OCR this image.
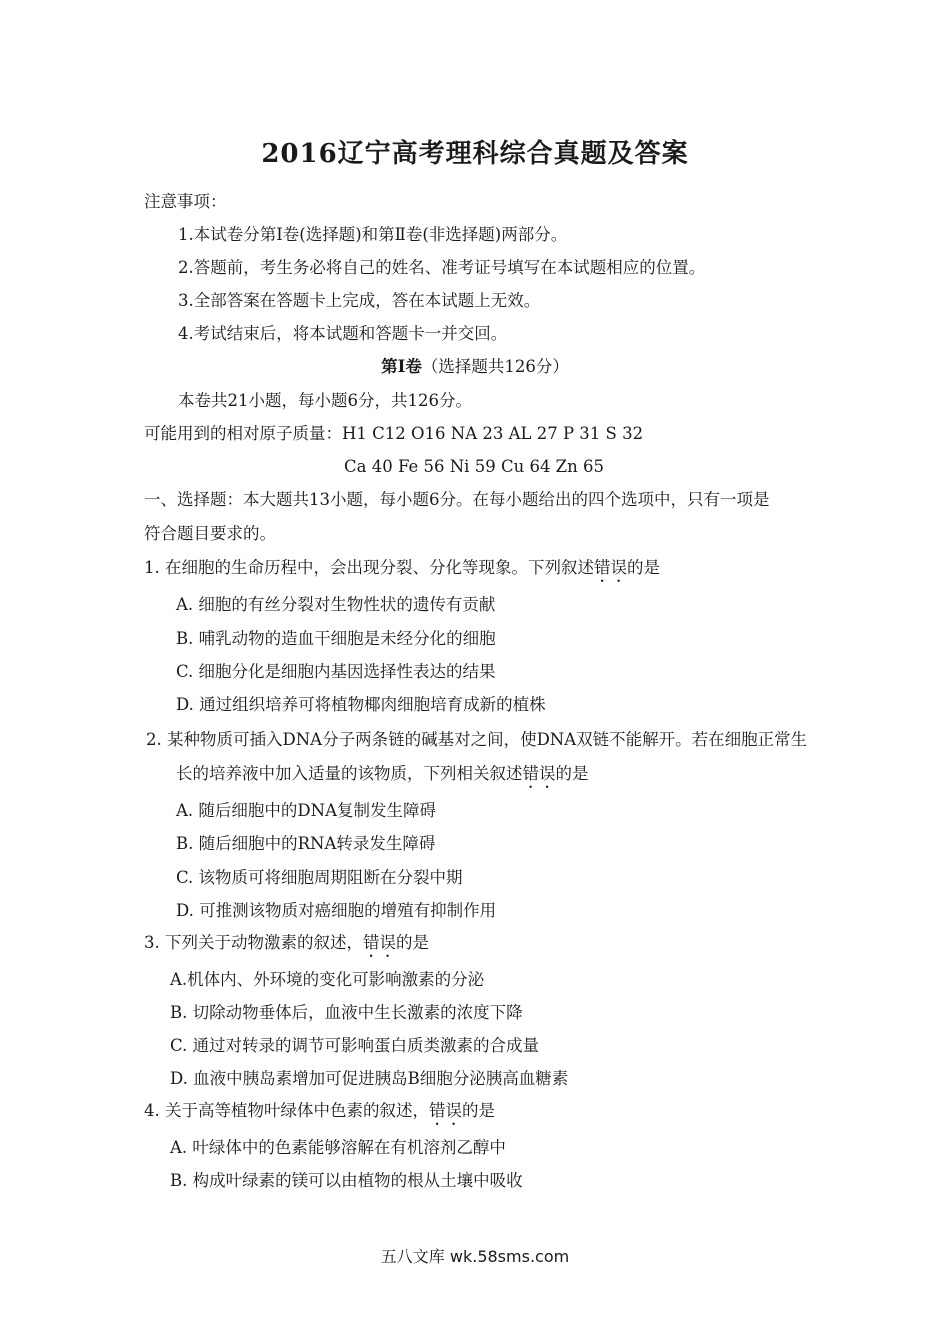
2016辽宁高考理科综合真题及答案
注意事项：
1.本试卷分第Ⅰ卷(选择题)和第Ⅱ卷(非选择题)两部分。
2.答题前，考生务必将自己的姓名、准考证号填写在本试题相应的位置。
3.全部答案在答题卡上完成，答在本试题上无效。
4.考试结束后，将本试题和答题卡一并交回。
第Ⅰ卷（选择题共126分）
本卷共21小题，每小题6分，共126分。
可能用到的相对原子质量：H1 C12 O16 NA 23 AL 27 P 31 S 32
Ca 40 Fe 56 Ni 59 Cu 64 Zn 65
一、选择题：本大题共13小题，每小题6分。在每小题给出的四个选项中，只有一项是
符合题目要求的。
1. 在细胞的生命历程中，会出现分裂、分化等现象。下列叙述错误的是
A. 细胞的有丝分裂对生物性状的遗传有贡献
B. 哺乳动物的造血干细胞是未经分化的细胞
C. 细胞分化是细胞内基因选择性表达的结果
D. 通过组织培养可将植物椰肉细胞培育成新的植株
2. 某种物质可插入DNA分子两条链的碱基对之间，使DNA双链不能解开。若在细胞正常生
长的培养液中加入适量的该物质，下列相关叙述错误的是
A. 随后细胞中的DNA复制发生障碍
B. 随后细胞中的RNA转录发生障碍
C. 该物质可将细胞周期阻断在分裂中期
D. 可推测该物质对癌细胞的增殖有抑制作用
3. 下列关于动物激素的叙述，错误的是
A.机体内、外环境的变化可影响激素的分泌
B. 切除动物垂体后，血液中生长激素的浓度下降
C. 通过对转录的调节可影响蛋白质类激素的合成量
D. 血液中胰岛素增加可促进胰岛B细胞分泌胰高血糖素
4. 关于高等植物叶绿体中色素的叙述，错误的是
A. 叶绿体中的色素能够溶解在有机溶剂乙醇中
B. 构成叶绿素的镁可以由植物的根从土壤中吸收
五八文库 wk.58sms.com
